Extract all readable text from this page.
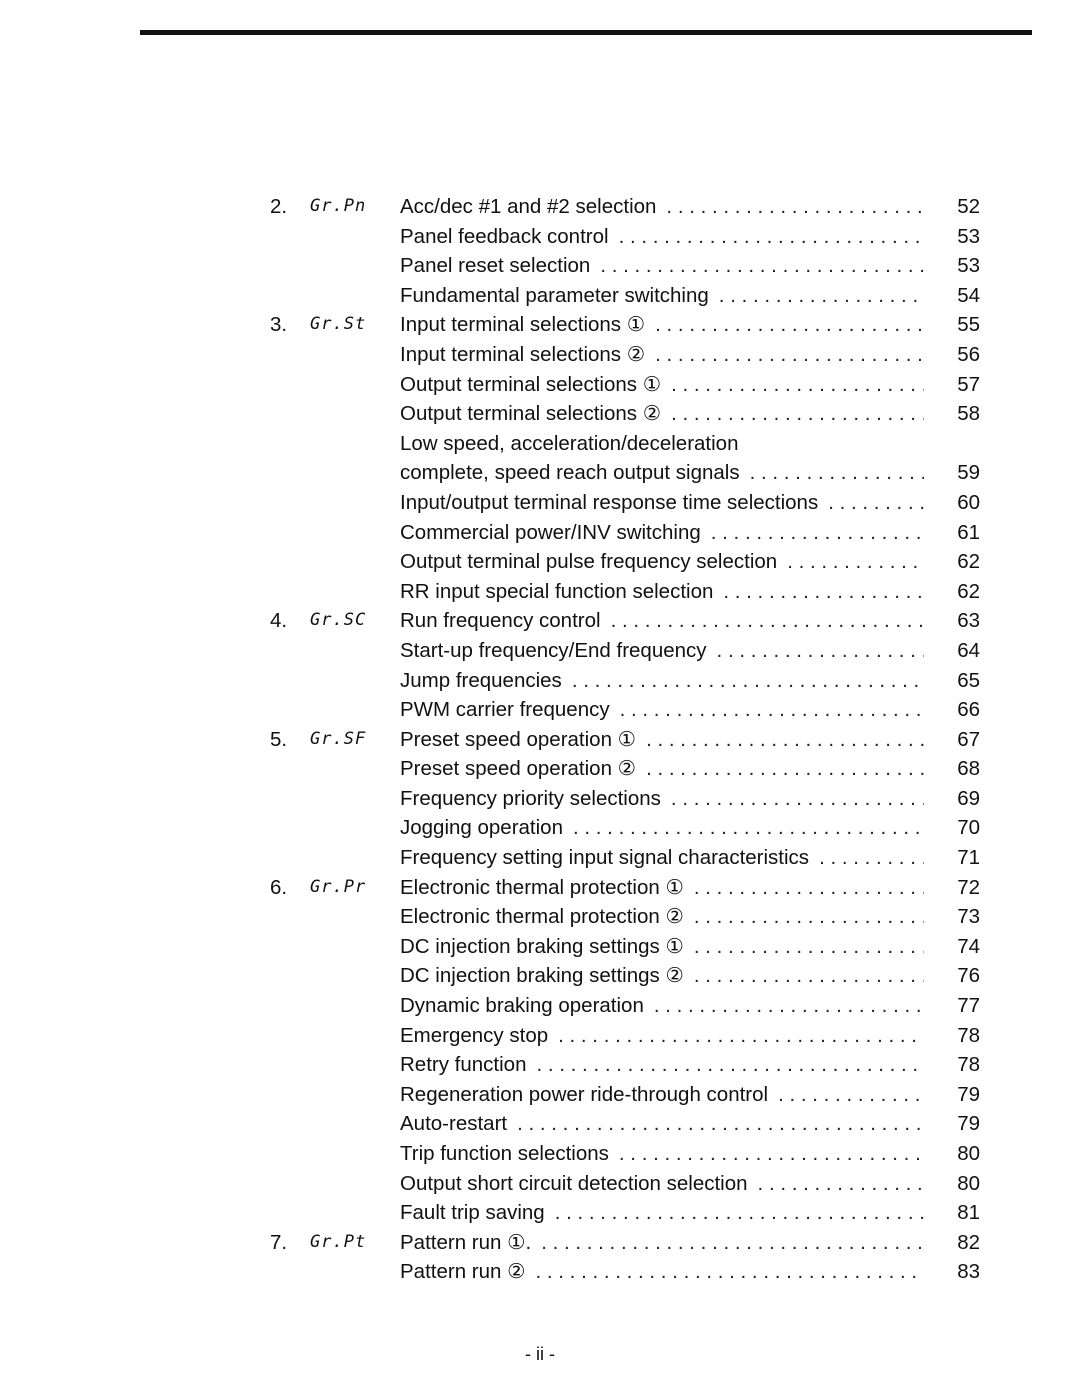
2. Gr.Pn Acc/dec #1 and #2 selection . . .	52
Panel feedback control . . .	53
Panel reset selection . . .	53
Fundamental parameter switching . . .	54
3. Gr.St Input terminal selections ① . . .	55
Input terminal selections ② . . .	56
Output terminal selections ① . . .	57
Output terminal selections ② . . .	58
Low speed, acceleration/deceleration
complete, speed reach output signals . . .	59
Input/output terminal response time selections . . .	60
Commercial power/INV switching . . .	61
Output terminal pulse frequency selection . . .	62
RR input special function selection . . .	62
4. Gr.SC Run frequency control . . .	63
Start-up frequency/End frequency . . .	64
Jump frequencies . . .	65
PWM carrier frequency . . .	66
5. Gr.SF Preset speed operation ① . . .	67
Preset speed operation ② . . .	68
Frequency priority selections . . .	69
Jogging operation . . .	70
Frequency setting input signal characteristics . . .	71
6. Gr.Pr Electronic thermal protection ① . . .	72
Electronic thermal protection ② . . .	73
DC injection braking settings ① . . .	74
DC injection braking settings ② . . .	76
Dynamic braking operation . . .	77
Emergency stop . . .	78
Retry function . . .	78
Regeneration power ride-through control . . .	79
Auto-restart . . .	79
Trip function selections . . .	80
Output short circuit detection selection . . .	80
Fault trip saving . . .	81
7. Gr.Pt Pattern run ①. . . .	82
Pattern run ② . . .	83
- ii -
